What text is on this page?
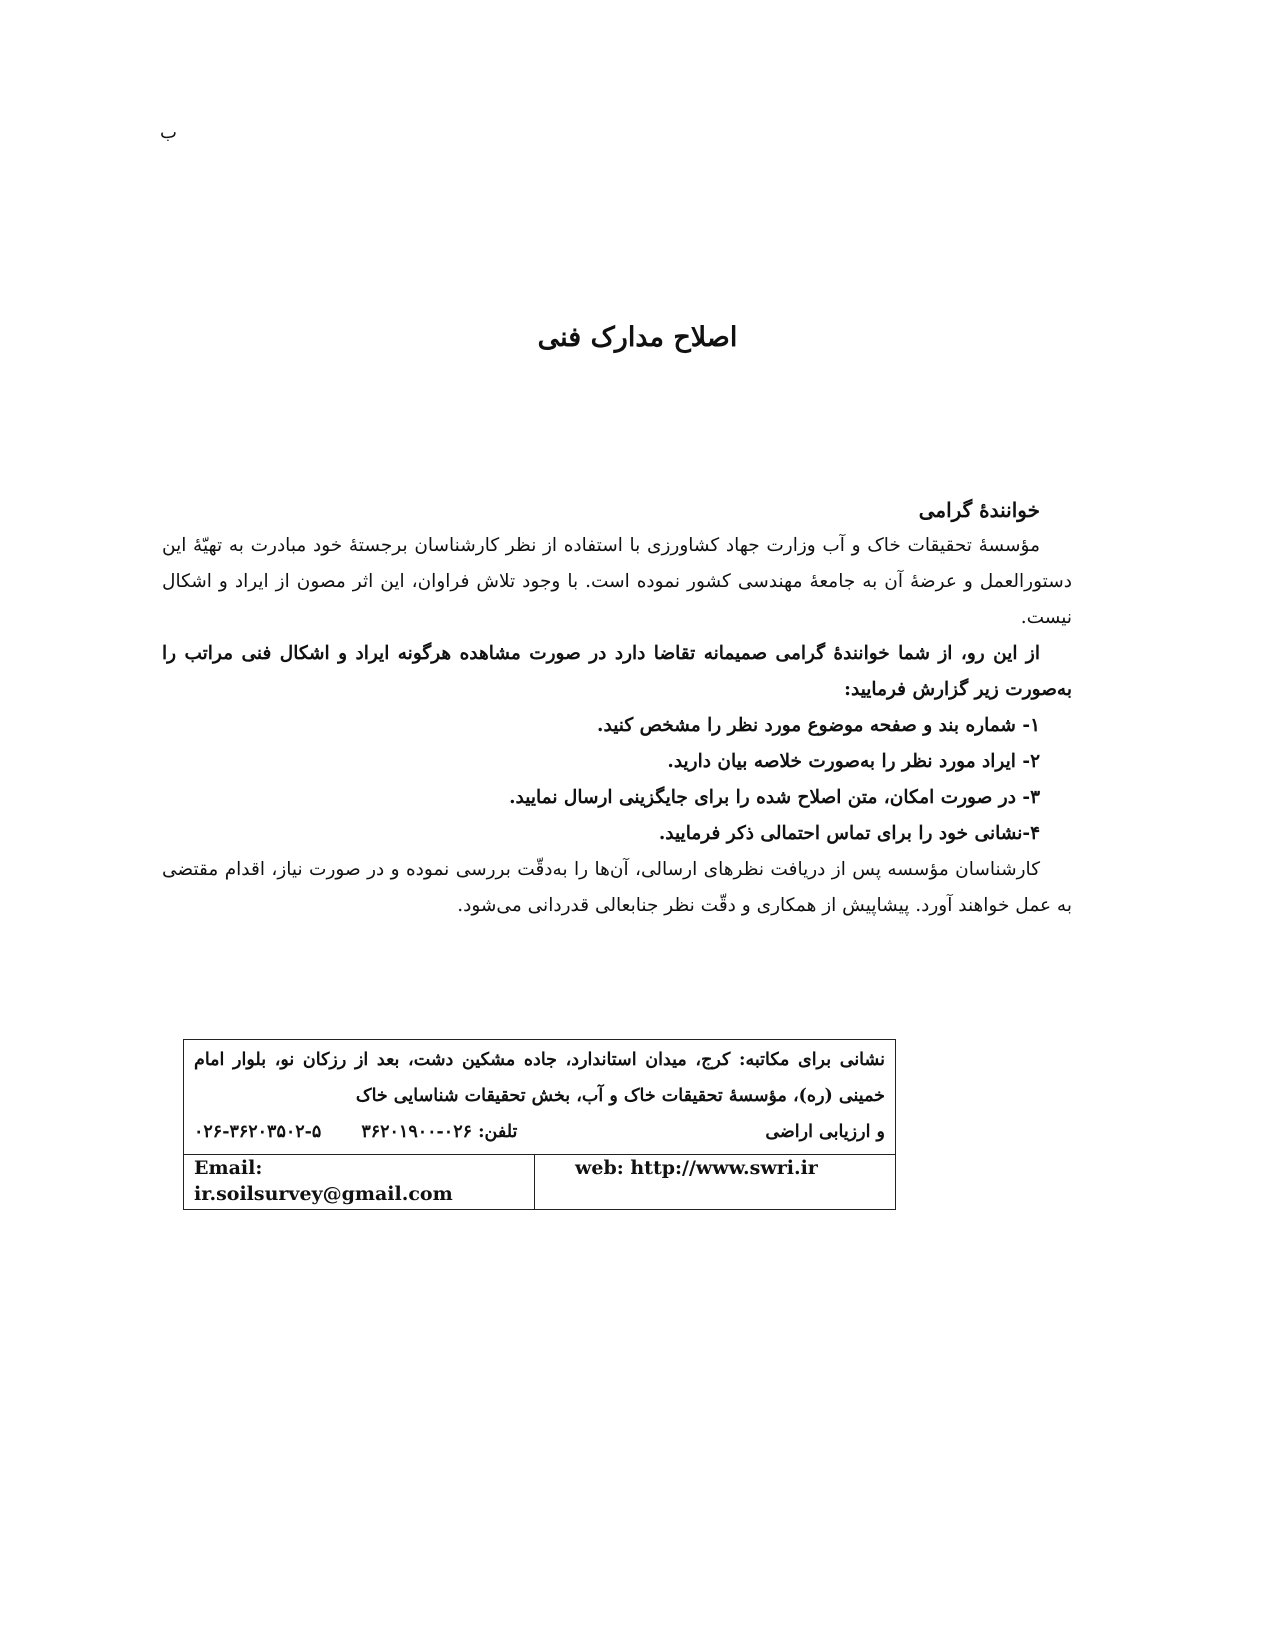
ب
اصلاح مدارک فنی

خوانندۀ گرامی

مؤسسۀ تحقیقات خاک و آب وزارت جهاد کشاورزی با استفاده از نظر کارشناسان برجستۀ خود مبادرت به تهیّۀ این دستورالعمل و عرضۀ آن به جامعۀ مهندسی کشور نموده است. با وجود تلاش فراوان، این اثر مصون از ایراد و اشکال نیست.

از این رو، از شما خوانندۀ گرامی صمیمانه تقاضا دارد در صورت مشاهده هرگونه ایراد و اشکال فنی مراتب را به‌صورت زیر گزارش فرمایید:

۱- شماره بند و صفحه موضوع مورد نظر را مشخص کنید.

۲- ایراد مورد نظر را به‌صورت خلاصه بیان دارید.

۳- در صورت امکان، متن اصلاح شده را برای جایگزینی ارسال نمایید.

۴-نشانی خود را برای تماس احتمالی ذکر فرمایید.

کارشناسان مؤسسه پس از دریافت نظرهای ارسالی، آن‌ها را به‌دقّت بررسی نموده و در صورت نیاز، اقدام مقتضی به عمل خواهند آورد. پیشاپیش از همکاری و دقّت نظر جنابعالی قدردانی می‌شود.

نشانی برای مکاتبه: کرج، میدان استاندارد، جاده مشکین دشت، بعد از رزکان نو، بلوار امام خمینی (ره)، مؤسسۀ تحقیقات خاک و آب، بخش تحقیقات شناسایی خاک
و ارزیابی اراضی
تلفن: ۰۲۶-۳۶۲۰۱۹۰۰
۰۲۶-۳۶۲۰۳۵۰۲-۵
Email:
ir.soilsurvey@gmail.com
web: http://www.swri.ir
